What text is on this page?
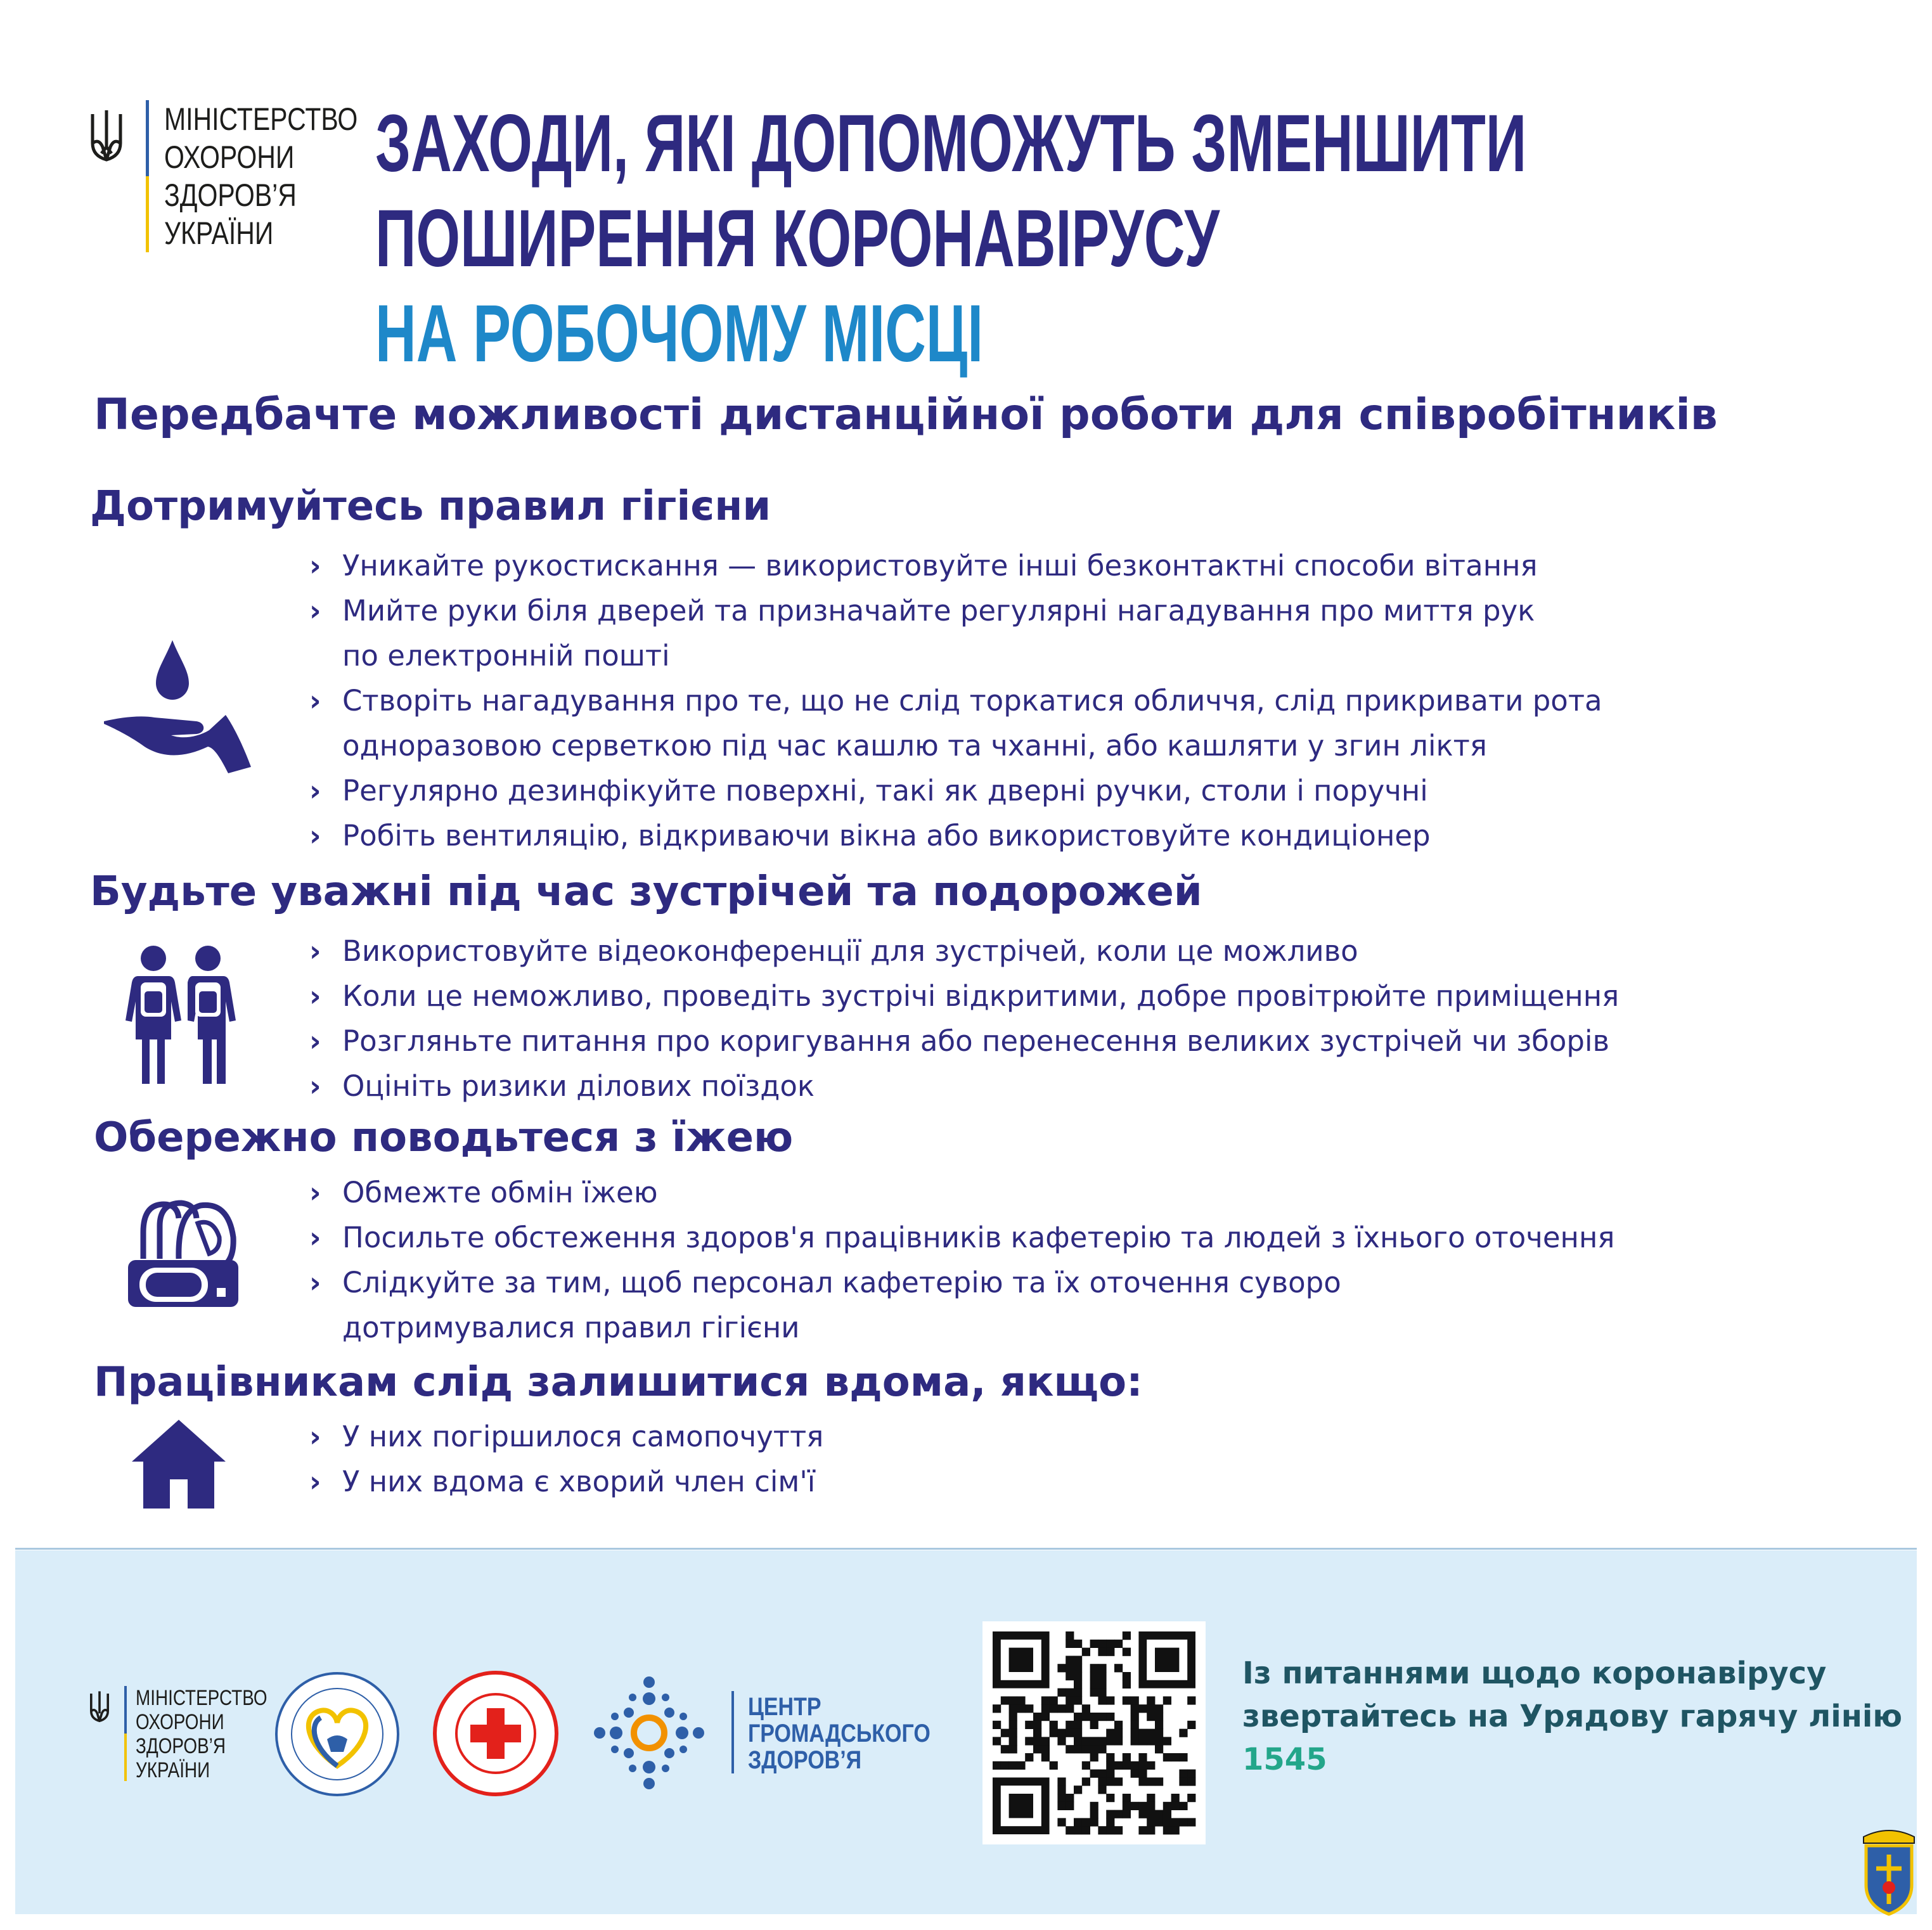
МІНІСТЕРСТВО
ОХОРОНИ
ЗДОРОВ’Я
УКРАЇНИ
ЗАХОДИ, ЯКІ ДОПОМОЖУТЬ ЗМЕНШИТИ
ПОШИРЕННЯ КОРОНАВІРУСУ
НА РОБОЧОМУ МІСЦІ
Передбачте можливості дистанційної роботи для співробітників
Дотримуйтесь правил гігієни
› Уникайте рукостискання — використовуйте інші безконтактні способи вітання
› Мийте руки біля дверей та призначайте регулярні нагадування про миття рук
по електронній пошті
› Створіть нагадування про те, що не слід торкатися обличчя, слід прикривати рота
одноразовою серветкою під час кашлю та чханні, або кашляти у згин ліктя
› Регулярно дезинфікуйте поверхні, такі як дверні ручки, столи і поручні
› Робіть вентиляцію, відкриваючи вікна або використовуйте кондиціонер
Будьте уважні під час зустрічей та подорожей
› Використовуйте відеоконференції для зустрічей, коли це можливо
› Коли це неможливо, проведіть зустрічі відкритими, добре провітрюйте приміщення
› Розгляньте питання про коригування або перенесення великих зустрічей чи зборів
› Оцініть ризики ділових поїздок
Обережно поводьтеся з їжею
› Обмежте обмін їжею
› Посильте обстеження здоров'я працівників кафетерію та людей з їхнього оточення
› Слідкуйте за тим, щоб персонал кафетерію та їх оточення суворо
дотримувалися правил гігієни
Працівникам слід залишитися вдома, якщо:
› У них погіршилося самопочуття
› У них вдома є хворий член сім'ї
МІНІСТЕРСТВО
ОХОРОНИ
ЗДОРОВ’Я
УКРАЇНИ
ЦЕНТР
ГРОМАДСЬКОГО
ЗДОРОВ’Я
Із питаннями щодо коронавірусу
звертайтесь на Урядову гарячу лінію
1545
